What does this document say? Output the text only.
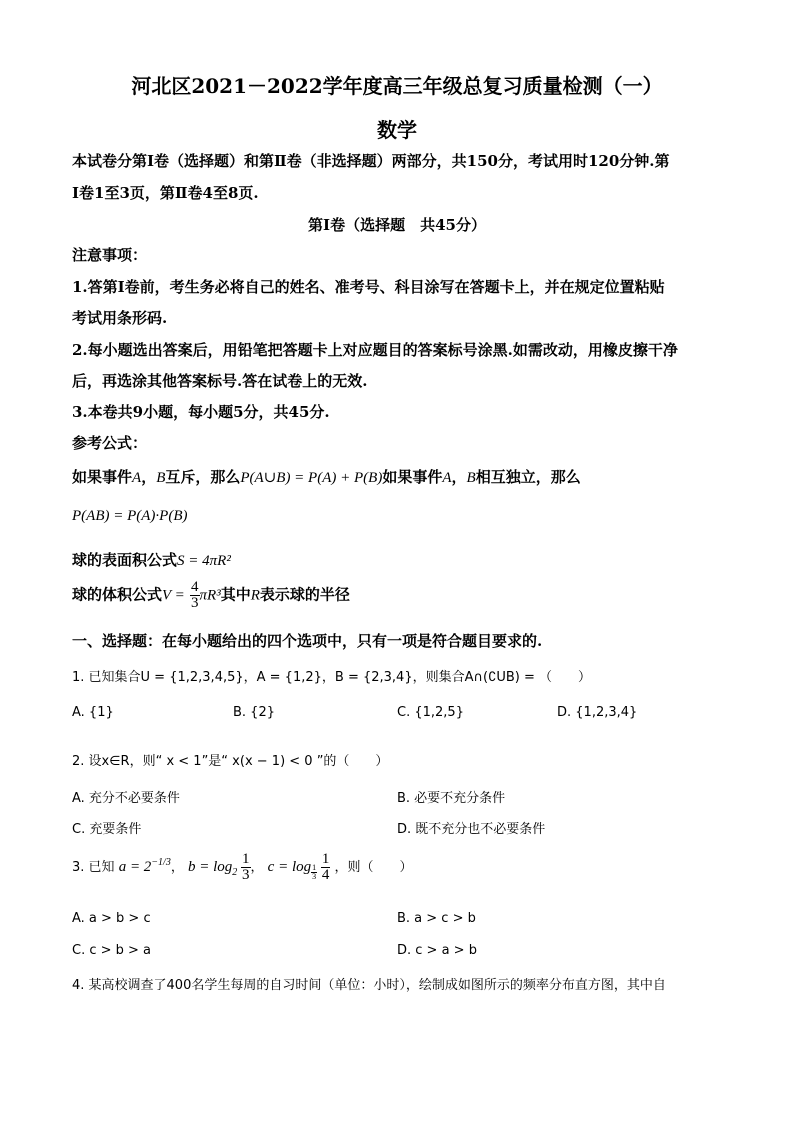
河北区2021－2022学年度高三年级总复习质量检测（一）
数学
本试卷分第Ⅰ卷（选择题）和第Ⅱ卷（非选择题）两部分，共150分，考试用时120分钟.第
Ⅰ卷1至3页，第Ⅱ卷4至8页.
第Ⅰ卷（选择题　共45分）
注意事项：
1.答第Ⅰ卷前，考生务必将自己的姓名、准考号、科目涂写在答题卡上，并在规定位置粘贴
考试用条形码.
2.每小题选出答案后，用铅笔把答题卡上对应题目的答案标号涂黑.如需改动，用橡皮擦干净
后，再选涂其他答案标号.答在试卷上的无效.
3.本卷共9小题，每小题5分，共45分.
参考公式：
如果事件A，B互斥，那么P(A∪B) = P(A) + P(B)如果事件A，B相互独立，那么
P(AB) = P(A)·P(B)
球的表面积公式S = 4πR²
球的体积公式$V = \frac{4}{3} \pi R^3$其中R表示球的半径
一、选择题：在每小题给出的四个选项中，只有一项是符合题目要求的.
1. 已知集合U = {1,2,3,4,5}，A = {1,2}，B = {2,3,4}，则集合A∩(∁UB) = （　　）
A. {1}	B. {2}	C. {1,2,5}	D. {1,2,3,4}
2. 设x∈R，则“ x < 1”是“ x(x − 1) < 0 ”的（　　）
A. 充分不必要条件	B. 必要不充分条件
C. 充要条件	D. 既不充分也不必要条件
3. 已知 $a = 2^{-1/3}$， $b = \log_2 \frac{1}{3}$ ， c = log $_{\frac{1}{3}}$
$\frac{1}{4}$ ，则（　　）
A. a > b > c	B. a > c > b
C. c > b > a	D. c > a > b
4. 某高校调查了400名学生每周的自习时间（单位：小时），绘制成如图所示的频率分布直方图，其中自
